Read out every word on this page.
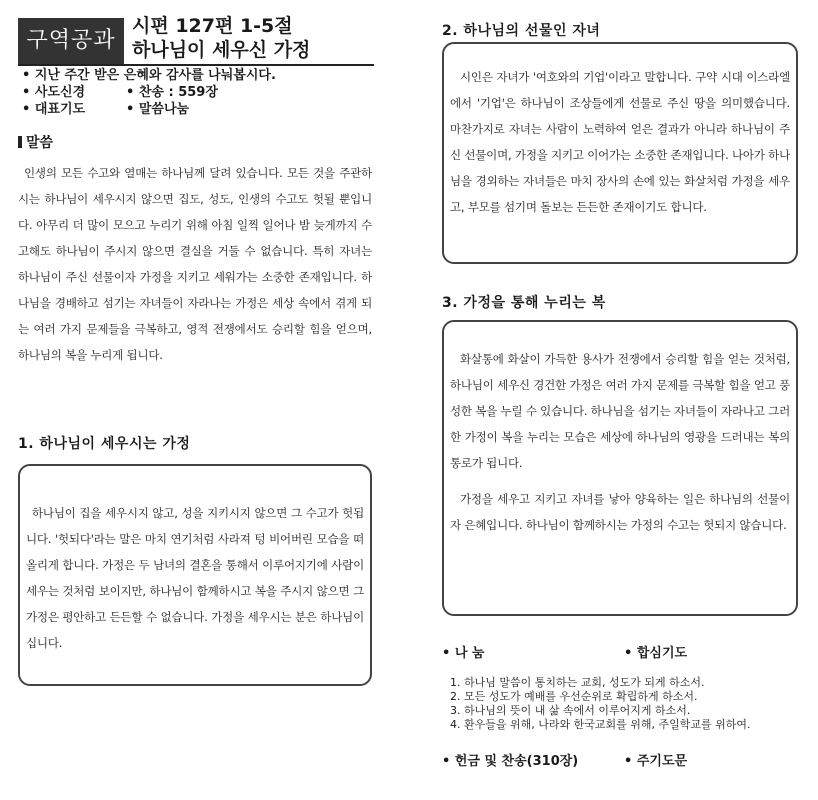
구역공과
시편 127편 1-5절
하나님이 세우신 가정
• 지난 주간 받은 은혜와 감사를 나눠봅시다.
• 사도신경	• 찬송 : 559장
• 대표기도	• 말씀나눔
말씀
인생의 모든 수고와 열매는 하나님께 달려 있습니다. 모든 것을 주관하시는 하나님이 세우시지 않으면 집도, 성도, 인생의 수고도 헛될 뿐입니다. 아무리 더 많이 모으고 누리기 위해 아침 일찍 일어나 밤 늦게까지 수고해도 하나님이 주시지 않으면 결실을 거둘 수 없습니다. 특히 자녀는 하나님이 주신 선물이자 가정을 지키고 세워가는 소중한 존재입니다. 하나님을 경배하고 섬기는 자녀들이 자라나는 가정은 세상 속에서 겪게 되는 여러 가지 문제들을 극복하고, 영적 전쟁에서도 승리할 힘을 얻으며, 하나님의 복을 누리게 됩니다.
1. 하나님이 세우시는 가정
하나님이 집을 세우시지 않고, 성을 지키시지 않으면 그 수고가 헛됩니다. '헛되다'라는 말은 마치 연기처럼 사라져 텅 비어버린 모습을 떠올리게 합니다. 가정은 두 남녀의 결혼을 통해서 이루어지기에 사람이 세우는 것처럼 보이지만, 하나님이 함께하시고 복을 주시지 않으면 그 가정은 평안하고 든든할 수 없습니다. 가정을 세우시는 분은 하나님이십니다.
2. 하나님의 선물인 자녀
시인은 자녀가 '여호와의 기업'이라고 말합니다. 구약 시대 이스라엘에서 '기업'은 하나님이 조상들에게 선물로 주신 땅을 의미했습니다. 마찬가지로 자녀는 사람이 노력하여 얻은 결과가 아니라 하나님이 주신 선물이며, 가정을 지키고 이어가는 소중한 존재입니다. 나아가 하나님을 경외하는 자녀들은 마치 장사의 손에 있는 화살처럼 가정을 세우고, 부모를 섬기며 돌보는 든든한 존재이기도 합니다.
3. 가정을 통해 누리는 복
화살통에 화살이 가득한 용사가 전쟁에서 승리할 힘을 얻는 것처럼, 하나님이 세우신 경건한 가정은 여러 가지 문제를 극복할 힘을 얻고 풍성한 복을 누릴 수 있습니다. 하나님을 섬기는 자녀들이 자라나고 그러한 가정이 복을 누리는 모습은 세상에 하나님의 영광을 드러내는 복의 통로가 됩니다.
가정을 세우고 지키고 자녀를 낳아 양육하는 일은 하나님의 선물이자 은혜입니다. 하나님이 함께하시는 가정의 수고는 헛되지 않습니다.
• 나 눔	• 합심기도
1. 하나님 말씀이 통치하는 교회, 성도가 되게 하소서.
2. 모든 성도가 예배를 우선순위로 확립하게 하소서.
3. 하나님의 뜻이 내 삶 속에서 이루어지게 하소서.
4. 환우들을 위해, 나라와 한국교회를 위해, 주일학교를 위하여.
• 헌금 및 찬송(310장)	• 주기도문
